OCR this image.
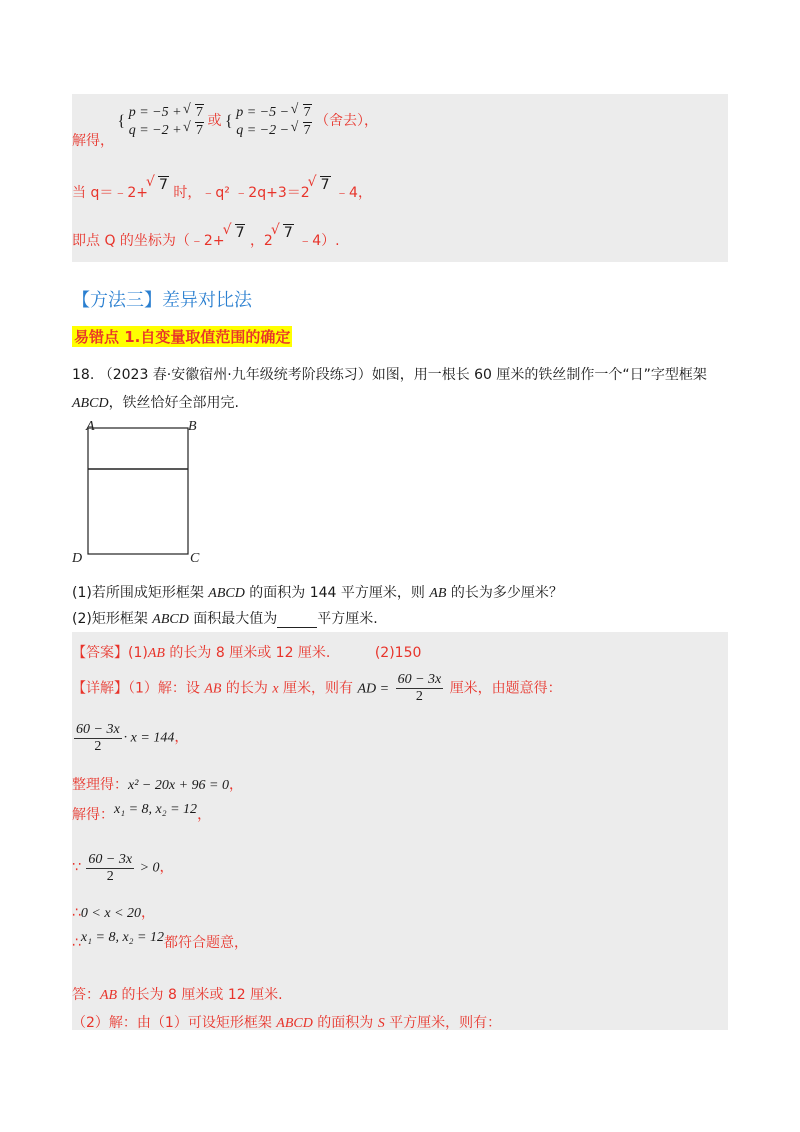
解得， { p = −5 + √ 7
q = −2 + √ 7 或 { p = −5 − √ 7
q = −2 − √ 7 （舍去），
当 q＝﹣2+ √ 7 时，﹣q² ﹣2q+3＝2 √ 7 ﹣4，
即点 Q 的坐标为（﹣2+ √ 7 ，2 √ 7 ﹣4）.
【方法三】差异对比法
易错点 1.自变量取值范围的确定
18. （2023 春·安徽宿州·九年级统考阶段练习）如图，用一根长 60 厘米的铁丝制作一个“日”字型框架
ABCD，铁丝恰好全部用完.
A	B
C
D
(1)若所围成矩形框架 ABCD 的面积为 144 平方厘米，则 AB 的长为多少厘米？
(2)矩形框架 ABCD 面积最大值为	平方厘米.
【答案】(1)AB 的长为 8 厘米或 12 厘米.	(2)150
【详解】（1）解：设 AB 的长为 x 厘米，则有 AD = $\frac{60 - 3x}{2}$ 厘米，由题意得：
$\frac{60 - 3x}{2} \cdot x = 144$，
整理得：x² − 20x + 96 = 0，
解得：x₁ = 8, x₂ = 12，
∵ $\frac{60 - 3x}{2} > 0$，
∴0 < x < 20，
∴x₁ = 8, x₂ = 12都符合题意，
答：AB 的长为 8 厘米或 12 厘米.
（2）解：由（1）可设矩形框架 ABCD 的面积为 S 平方厘米，则有：
